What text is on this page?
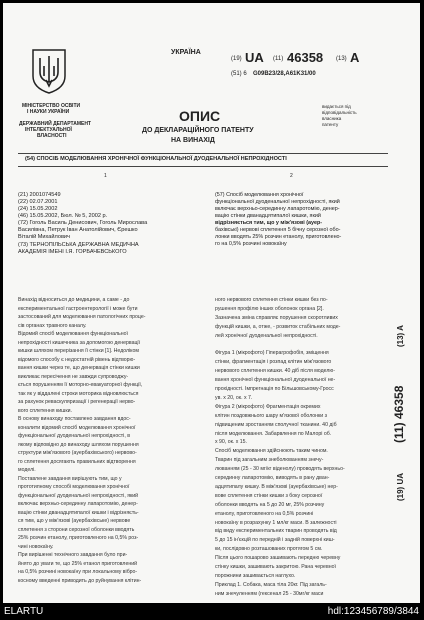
УКРАЇНА
МІНІСТЕРСТВО ОСВІТИ
І НАУКИ УКРАЇНИ
ДЕРЖАВНИЙ ДЕПАРТАМЕНТ
ІНТЕЛЕКТУАЛЬНОЇ
ВЛАСНОСТІ
(19) UA (11) 46358 (13) A
(51) 6 G09B23/28,A61K31/00
ОПИС
ДО ДЕКЛАРАЦІЙНОГО ПАТЕНТУ
НА ВИНАХІД
видається під
відповідальність
власника
патенту
(54) СПОСІБ МОДЕЛЮВАННЯ ХРОНІЧНОЇ ФУНКЦІОНАЛЬНОЇ ДУОДЕНАЛЬНОЇ НЕПРОХІДНОСТІ
1	2
(21) 2001074549
(22) 02.07.2001
(24) 15.05.2002
(46) 15.05.2002, Бюл. № 5, 2002 р.
(72) Гоголь Василь Денисович, Гоголь Мирослава
Василівна, Петрук Іван Анатолійович, Єрешко
Віталій Михайлович
(73) ТЕРНОПІЛЬСЬКА ДЕРЖАВНА МЕДИЧНА
АКАДЕМІЯ ІМЕНІ І.Я. ГОРБАЧЕВСЬКОГО
(57) Спосіб моделювання хронічної
функціональної дуоденальної непрохідності, який
включає верхньо-серединну лапаротомію, денер-
вацію стінки дванадцятипалої кишки, який
відрізняється тим, що у між'язові (ауер-
бахівські) нервові сплетення 5 бічну серозної обо-
лонки вводять 25% розчин етанолу, приготовлено-
го на 0,5% розчині новокаїну
Винахід відноситься до медицини, а саме - до
експериментальної гастроентерології і може бути
застосований для моделювання патологічних проце-
сів органах травного каналу.
Відомий спосіб моделювання функціональної
непрохідності кишечника за допомогою денервації
кишки шляхом перерізання її стінки [1]. Недоліком
відомого способу є недостатній рівень відтворю-
вання кишки через те, що денервація стінки кишки
викликає пересічення не завжди супроводжу-
ється порушенням її моторно-евакуаторної функції,
так як у віддалені строки моторика відновлюється
за рахунок реваскуляризації і регенерації нерво-
вого сплетення кишки.
В основу винаходу поставлено завдання вдос-
коналити відомий спосіб моделювання хронічної
функціональної дуоденальної непрохідності, в
якому відповідно до винаходу шляхом порушення
структури між'язового (ауербахівського) нервово-
го сплетення досягають правильних відтворення
моделі.
Поставлене завдання вирішують тим, що у
прототипному способі моделювання хронічної
функціональної дуоденальної непрохідності, який
включає верхньо-серединну лапаротомію, денер-
вацію стінки дванадцятипалої кишки і відрізняєть-
ся тим, що у між'язові (ауербахівське) нервове
сплетення з сторони серозної оболонки вводять
25% розчин етанолу, приготовленого на 0,5% роз-
чині новокаїну.
При вирішенні технічного завдання було при-
йнято до уваги те, що 25% етанол приготовлений
на 0,5% розчині новокаїну при локальному вібро-
косному введенні приводить до руйнування клітин-
ного нервового сплетення стінки кишки без по-
рушення профілю інших оболонок органа [2].
Зазначена зміна справляє порушення скоротливих
функцій кишки, а, отже, - розвиток стабільних моде-
лей хронічної дуоденальної непрохідності.
Фігура 1 (мікрофото) Гіперагрофобія, зміщення
стінки, фрагментація і розпад клітин між'язового
нервового сплетення кишки. 40 діб після моделю-
вання хронічної функціональної дуоденальної не-
прохідності. Імпрегнація по Більшовському-Гросс
ув. х 20, ок. х 7.
Фігура 2 (мікрофото) Фрагментація окремих
клітин поздовжнього шару м'язової оболонки з
підвищеним зростанням сполучної тканини. 40 діб
після моделювання. Забарвлення по Малорі об.
х 90, ок. х 15.
Спосіб моделювання здійснюють таким чином.
Тварин під загальним знеболюванням знечу-
люванням (25 - 30 мг/кг віденолу) проводять верхньо-
серединну лапаротомію, виводять в рану дван-
адцятипалу кишку. В між'язові (ауербахівське) нер-
вове сплетення стінки кишки з боку серозної
оболонки вводять на 5 до 20 мг, 25% розчину
етанолу, приготовленого на 0,5% розчині
новокаїну в розрахунку 1 мл/кг маси. В залежності
від виду експериментальних тварин проводять від
5 до 15 ін'єкцій по передній і задній поверхні киш-
ки, послідовно розташованих протягом 5 см.
Після цього пошарово зашивають передню черевну
стінку кишки, зашивають закритою. Рана черевної
порожнини зашивається наглухо.
Приклад 1. Собака, маса тіла 20кг. Під загаль-
ним знечуленням (гексенал 25 - 30мг/кг маси
(13) A
(11) 46358
(19) UA
ELARTU	hdl:123456789/3844
